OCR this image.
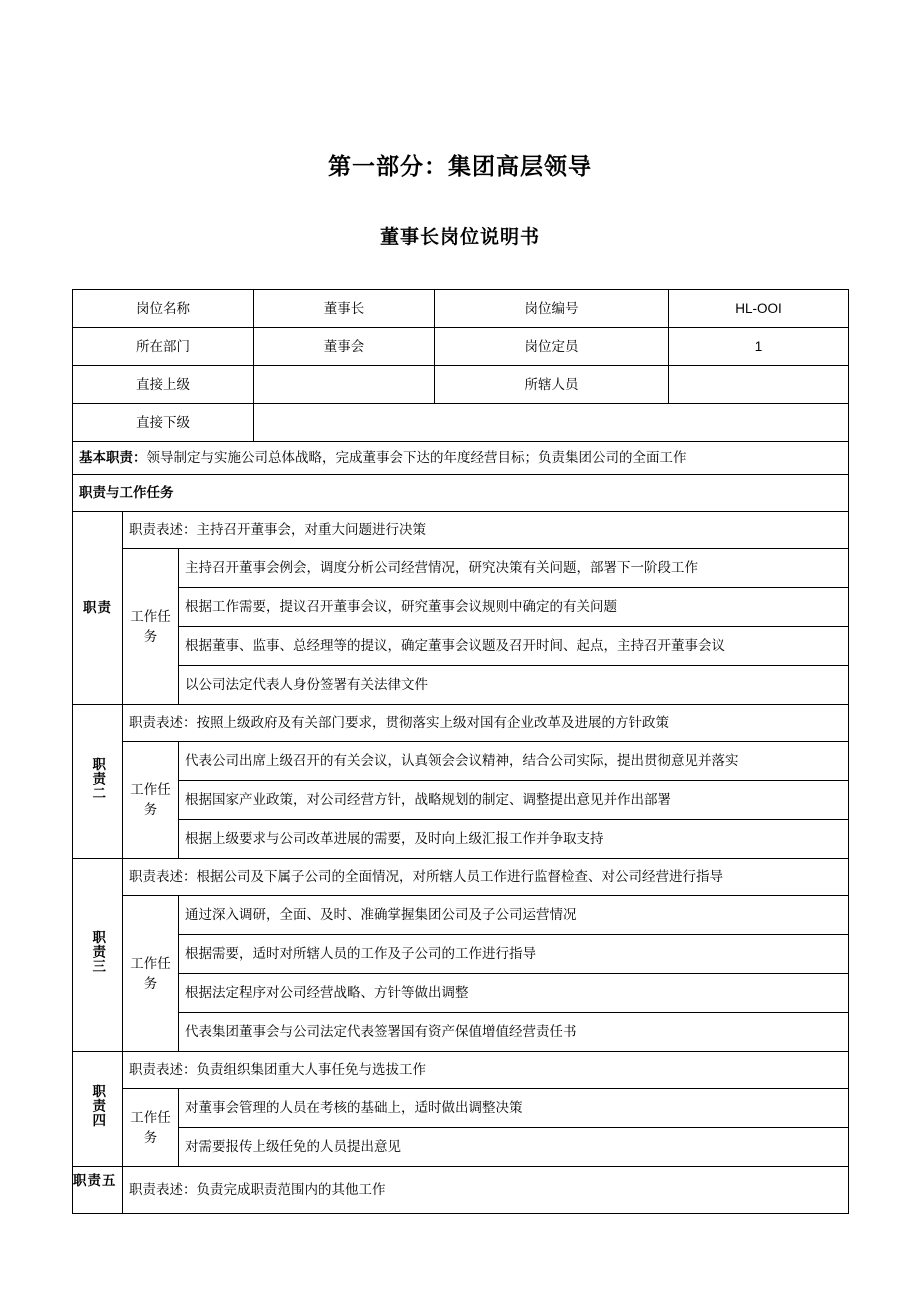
第一部分：集团高层领导
董事长岗位说明书
岗位名称			董事长	岗位编号	HL-OOI
所在部门			董事会	岗位定员	1
直接上级				所辖人员	
直接下级					
基本职责：领导制定与实施公司总体战略，完成董事会下达的年度经营目标；负责集团公司的全面工作					
职责与工作任务					
职责	职责表述：主持召开董事会，对重大问题进行决策				
	工作任务	主持召开董事会例会，调度分析公司经营情况，研究决策有关问题，部署下一阶段工作			
		根据工作需要，提议召开董事会议，研究董事会议规则中确定的有关问题			
		根据董事、监事、总经理等的提议，确定董事会议题及召开时间、起点，主持召开董事会议			
		以公司法定代表人身份签署有关法律文件			
职责二	职责表述：按照上级政府及有关部门要求，贯彻落实上级对国有企业改革及进展的方针政策				
	工作任务	代表公司出席上级召开的有关会议，认真领会会议精神，结合公司实际，提出贯彻意见并落实			
		根据国家产业政策，对公司经营方针，战略规划的制定、调整提出意见并作出部署			
		根据上级要求与公司改革进展的需要，及时向上级汇报工作并争取支持			
职责三	职责表述：根据公司及下属子公司的全面情况，对所辖人员工作进行监督检查、对公司经营进行指导				
	工作任务	通过深入调研，全面、及时、准确掌握集团公司及子公司运营情况			
		根据需要，适时对所辖人员的工作及子公司的工作进行指导			
		根据法定程序对公司经营战略、方针等做出调整			
		代表集团董事会与公司法定代表签署国有资产保值增值经营责任书			
职责四	职责表述：负责组织集团重大人事任免与选拔工作				
	工作任务	对董事会管理的人员在考核的基础上，适时做出调整决策			
		对需要报传上级任免的人员提出意见			

职责五	职责表述：负责完成职责范围内的其他工作				
